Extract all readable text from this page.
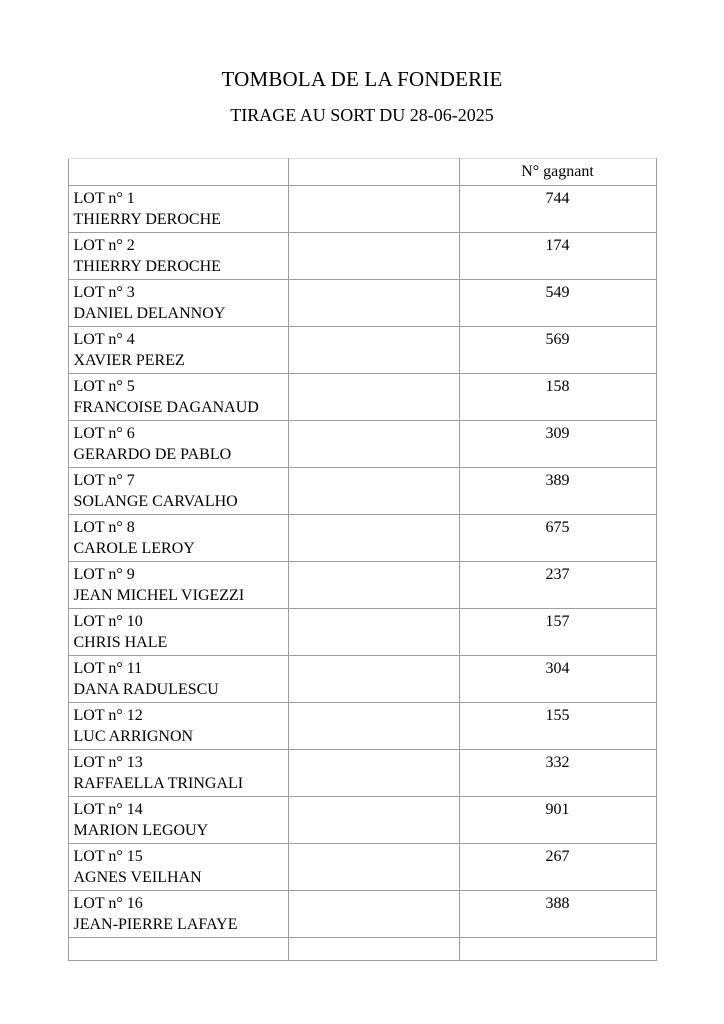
TOMBOLA DE LA FONDERIE
TIRAGE AU SORT DU 28-06-2025
		N° gagnant

LOT n° 1
THIERRY DEROCHE		744

LOT n° 2
THIERRY DEROCHE		174

LOT n° 3
DANIEL DELANNOY		549

LOT n° 4
XAVIER PEREZ		569

LOT n° 5
FRANCOISE DAGANAUD		158

LOT n° 6
GERARDO DE PABLO		309

LOT n° 7
SOLANGE CARVALHO		389

LOT n° 8
CAROLE LEROY		675

LOT n° 9
JEAN MICHEL VIGEZZI		237

LOT n° 10
CHRIS HALE		157

LOT n° 11
DANA RADULESCU		304

LOT n° 12
LUC ARRIGNON		155

LOT n° 13
RAFFAELLA TRINGALI		332

LOT n° 14
MARION LEGOUY		901

LOT n° 15
AGNES VEILHAN		267

LOT n° 16
JEAN-PIERRE LAFAYE		388
